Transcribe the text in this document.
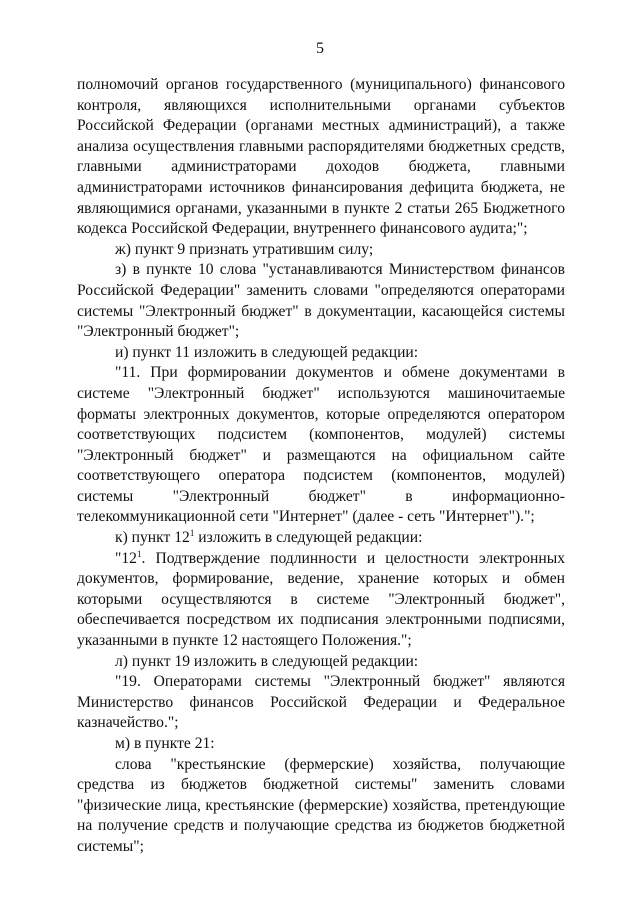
5

полномочий органов государственного (муниципального) финансового контроля, являющихся исполнительными органами субъектов Российской Федерации (органами местных администраций), а также анализа осуществления главными распорядителями бюджетных средств, главными администраторами доходов бюджета, главными администраторами источников финансирования дефицита бюджета, не являющимися органами, указанными в пункте 2 статьи 265 Бюджетного кодекса Российской Федерации, внутреннего финансового аудита;";

ж) пункт 9 признать утратившим силу;

з) в пункте 10 слова "устанавливаются Министерством финансов Российской Федерации" заменить словами "определяются операторами системы "Электронный бюджет" в документации, касающейся системы "Электронный бюджет";

и) пункт 11 изложить в следующей редакции:

"11. При формировании документов и обмене документами в системе "Электронный бюджет" используются машиночитаемые форматы электронных документов, которые определяются оператором соответствующих подсистем (компонентов, модулей) системы "Электронный бюджет" и размещаются на официальном сайте соответствующего оператора подсистем (компонентов, модулей) системы "Электронный бюджет" в информационно-телекоммуникационной сети "Интернет" (далее - сеть "Интернет").";

к) пункт $12^1$ изложить в следующей редакции:

"$12^1$. Подтверждение подлинности и целостности электронных документов, формирование, ведение, хранение которых и обмен которыми осуществляются в системе "Электронный бюджет", обеспечивается посредством их подписания электронными подписями, указанными в пункте 12 настоящего Положения.";

л) пункт 19 изложить в следующей редакции:

"19. Операторами системы "Электронный бюджет" являются Министерство финансов Российской Федерации и Федеральное казначейство.";

м) в пункте 21:

слова "крестьянские (фермерские) хозяйства, получающие средства из бюджетов бюджетной системы" заменить словами "физические лица, крестьянские (фермерские) хозяйства, претендующие на получение средств и получающие средства из бюджетов бюджетной системы";
